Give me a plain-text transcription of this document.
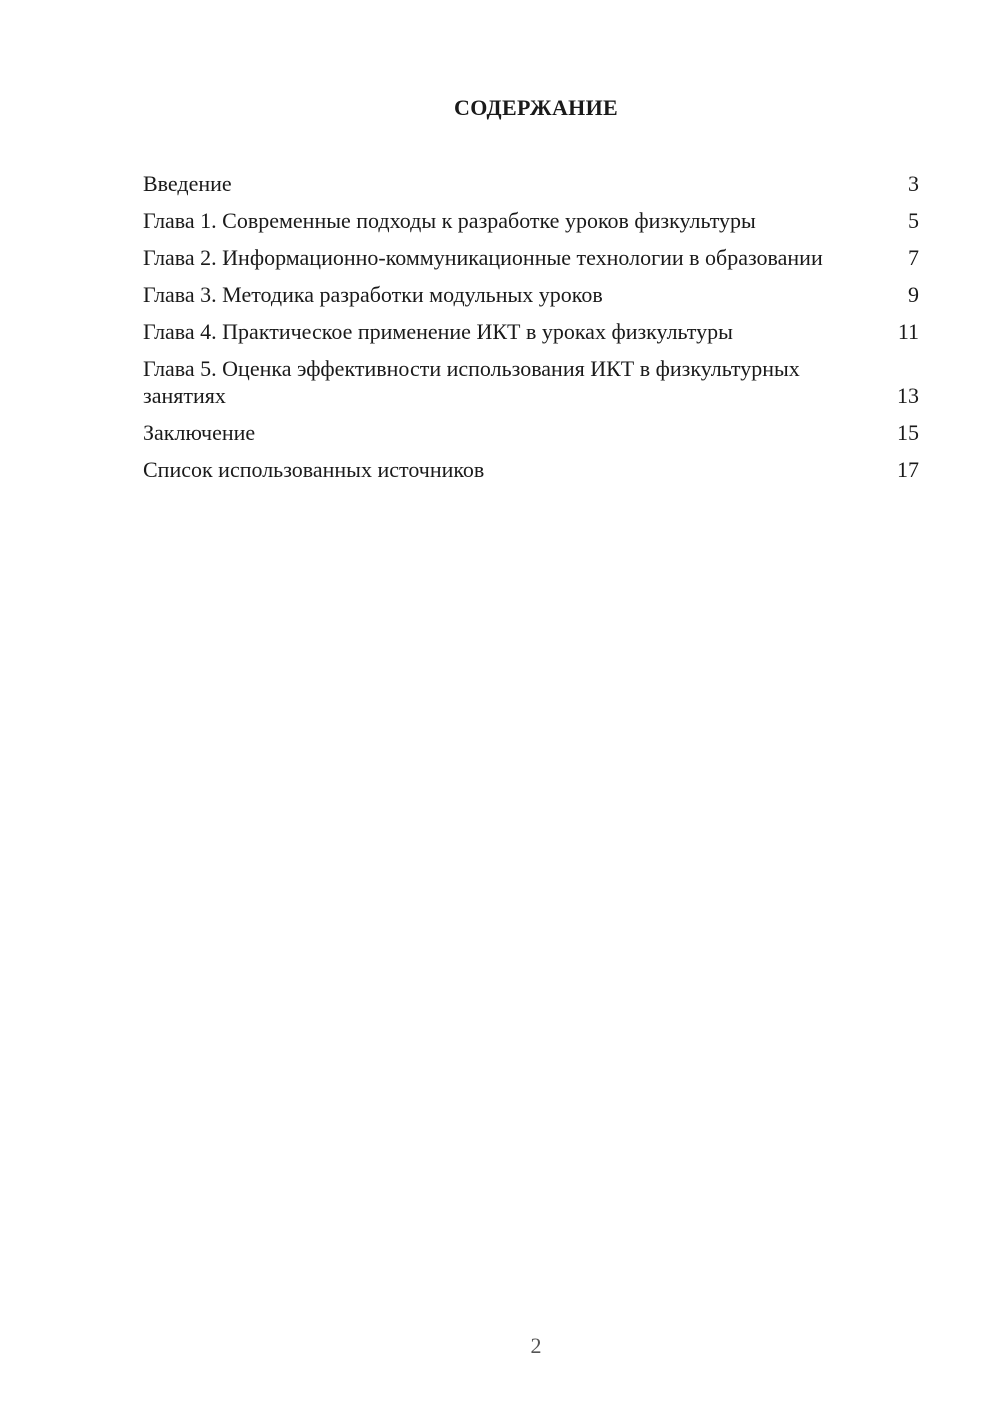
СОДЕРЖАНИЕ
Введение	3
Глава 1. Современные подходы к разработке уроков физкультуры	5
Глава 2. Информационно-коммуникационные технологии в образовании	7
Глава 3. Методика разработки модульных уроков	9
Глава 4. Практическое применение ИКТ в уроках физкультуры	11
Глава 5. Оценка эффективности использования ИКТ в физкультурных занятиях	13
Заключение	15
Список использованных источников	17
2
